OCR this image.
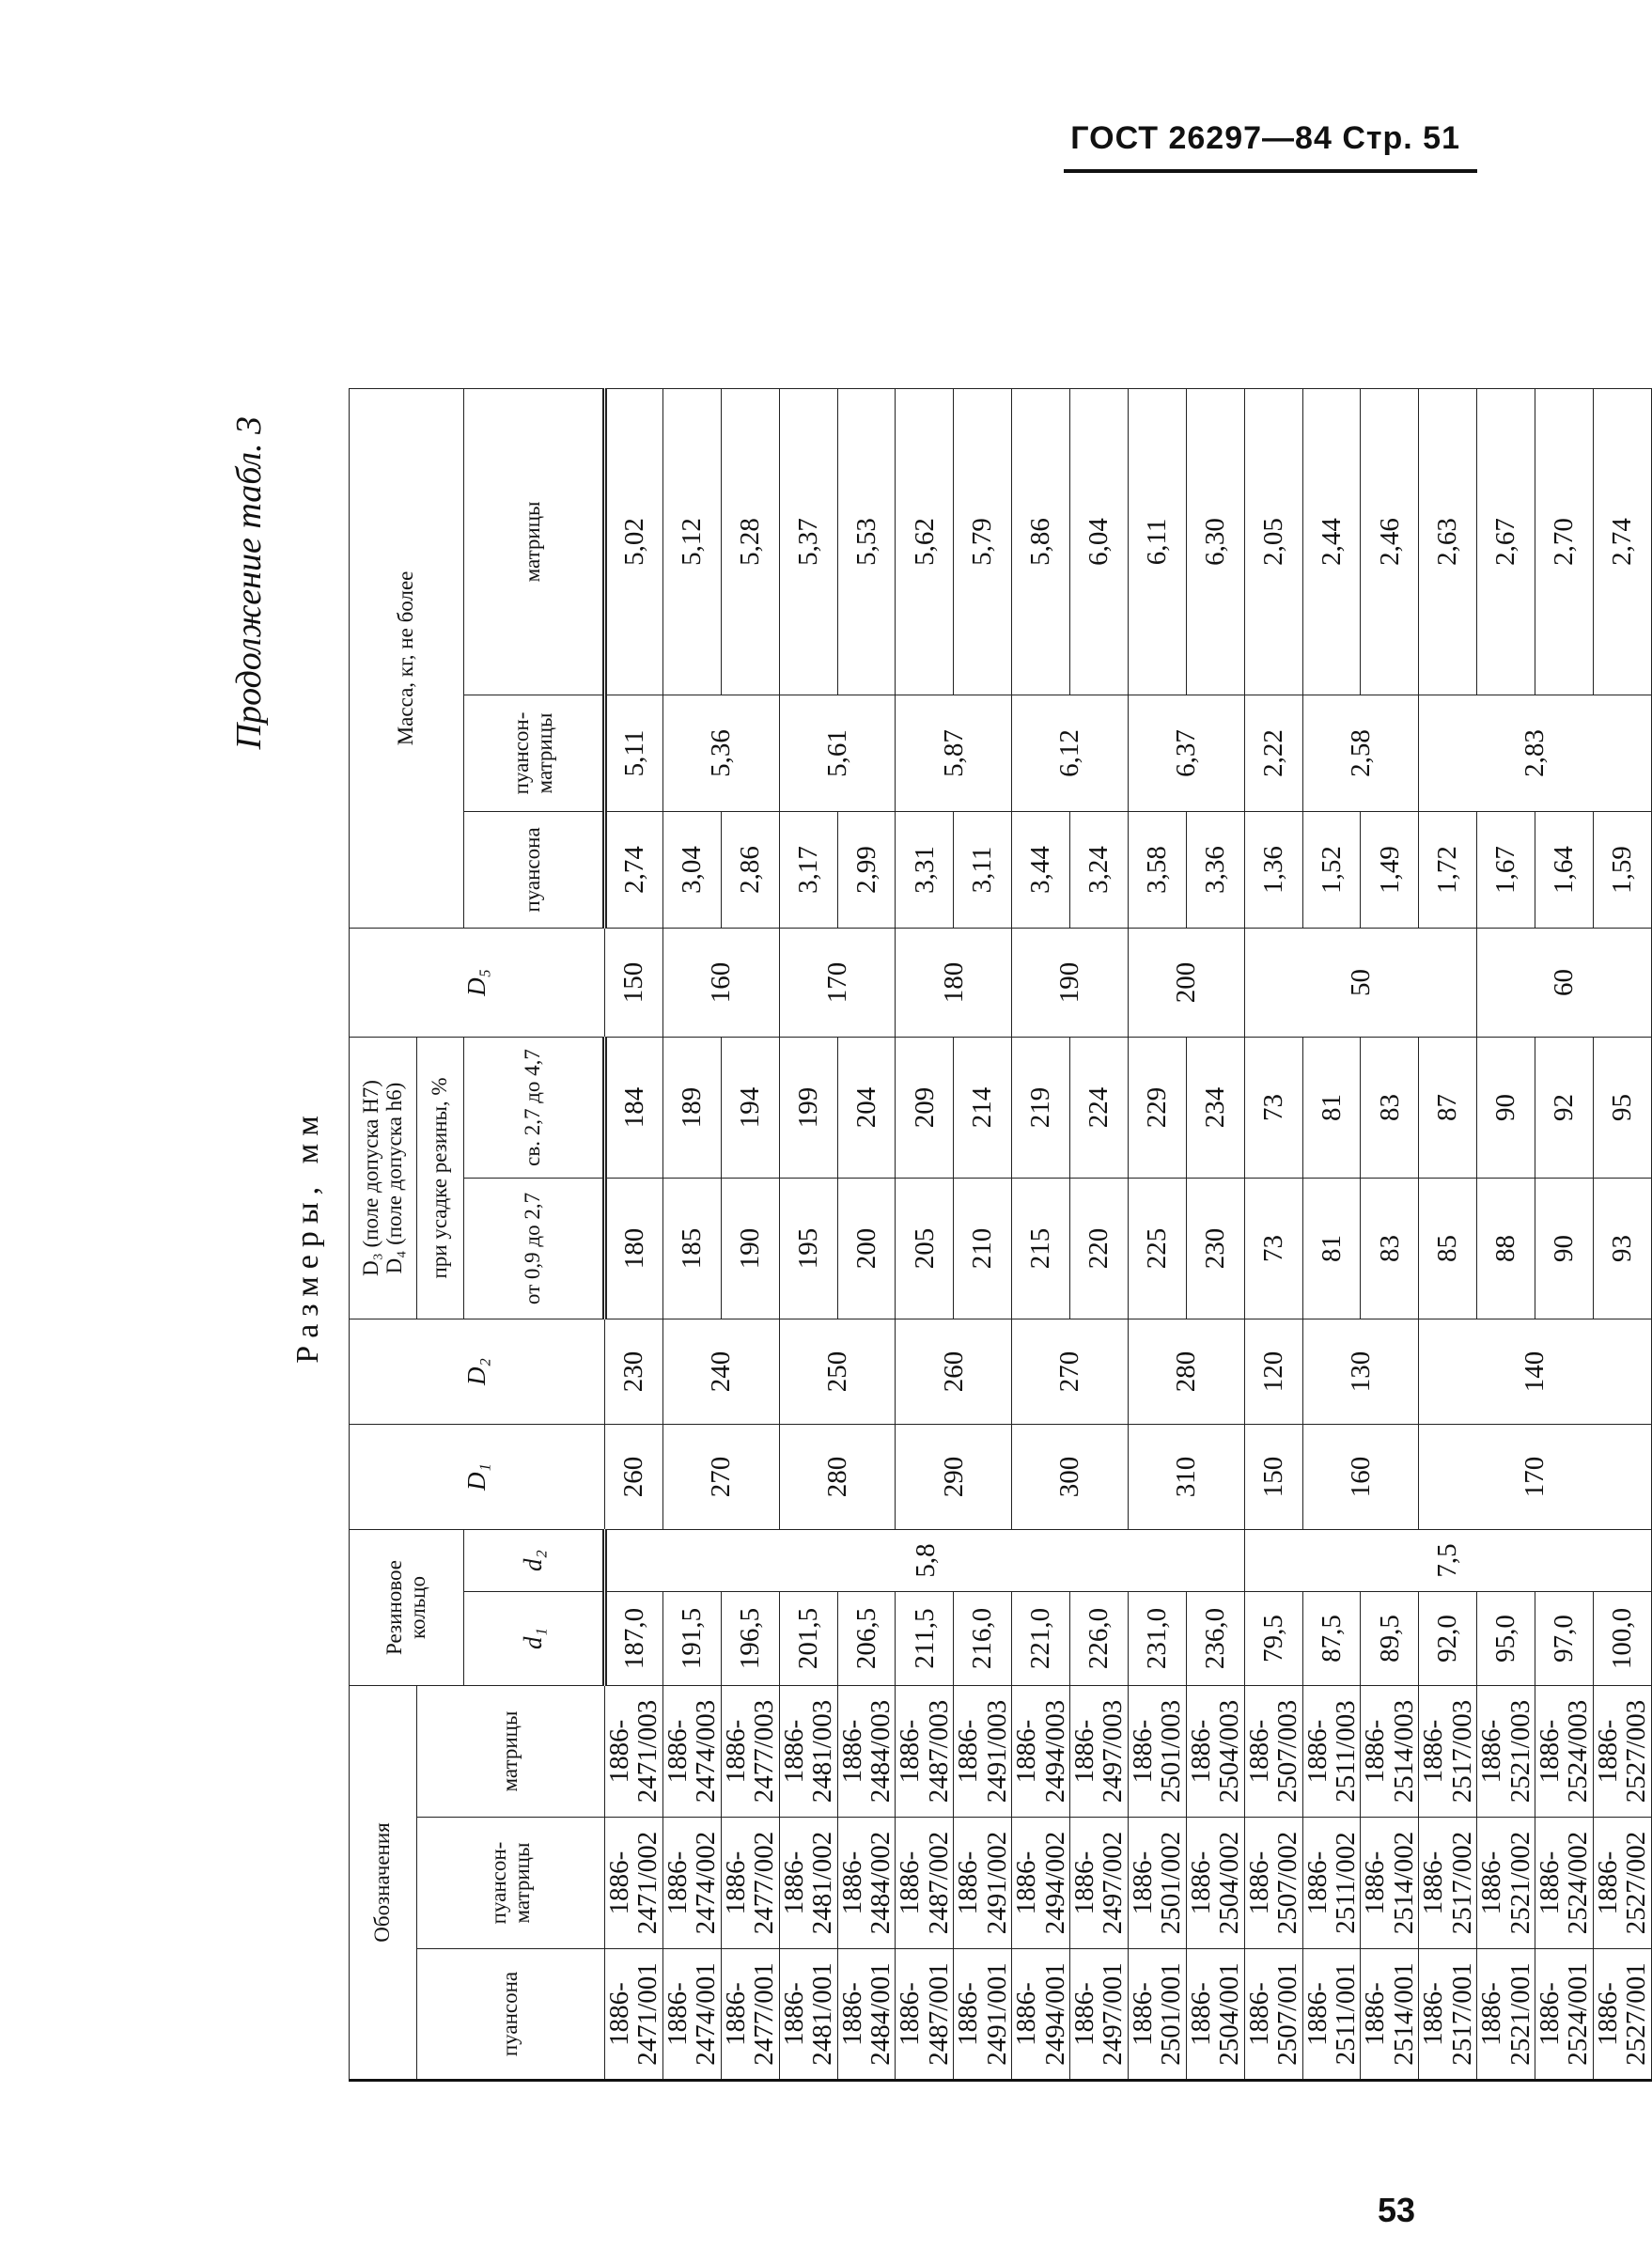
ГОСТ 26297—84 Стр. 51
Продолжение табл. 3
Размеры, мм
Обозначения			Резиновое кольцо		D₁	D₂	D₃ (поле допуска H7) D₄ (поле допуска h6)		D₅	Масса, кг, не более		
пуансона	пуансон-матрицы	матрицы					при усадке резины, %					
			d₁	d₂			от 0,9 до 2,7	св. 2,7 до 4,7		пуансона	пуансон-матрицы	матрицы
1886-2471/001	1886-2471/002	1886-2471/003	187,0	5,8	260	230	180	184	150	2,74	5,11	5,02
1886-2474/001	1886-2474/002	1886-2474/003	191,5		270	240	185	189	160	3,04	5,36	5,12
1886-2477/001	1886-2477/002	1886-2477/003	196,5				190	194		2,86		5,28
1886-2481/001	1886-2481/002	1886-2481/003	201,5		280	250	195	199	170	3,17	5,61	5,37
1886-2484/001	1886-2484/002	1886-2484/003	206,5				200	204		2,99		5,53
1886-2487/001	1886-2487/002	1886-2487/003	211,5		290	260	205	209	180	3,31	5,87	5,62
1886-2491/001	1886-2491/002	1886-2491/003	216,0				210	214		3,11		5,79
1886-2494/001	1886-2494/002	1886-2494/003	221,0		300	270	215	219	190	3,44	6,12	5,86
1886-2497/001	1886-2497/002	1886-2497/003	226,0				220	224		3,24		6,04
1886-2501/001	1886-2501/002	1886-2501/003	231,0		310	280	225	229	200	3,58	6,37	6,11
1886-2504/001	1886-2504/002	1886-2504/003	236,0				230	234		3,36		6,30
1886-2507/001	1886-2507/002	1886-2507/003	79,5	7,5	150	120	73	73	50	1,36	2,22	2,05
1886-2511/001	1886-2511/002	1886-2511/003	87,5		160	130	81	81		1,52	2,58	2,44
1886-2514/001	1886-2514/002	1886-2514/003	89,5				83	83		1,49		2,46
1886-2517/001	1886-2517/002	1886-2517/003	92,0		170	140	85	87		1,72	2,83	2,63
1886-2521/001	1886-2521/002	1886-2521/003	95,0				88	90	60	1,67		2,67
1886-2524/001	1886-2524/002	1886-2524/003	97,0				90	92		1,64		2,70
1886-2527/001	1886-2527/002	1886-2527/003	100,0				93	95		1,59		2,74
53
